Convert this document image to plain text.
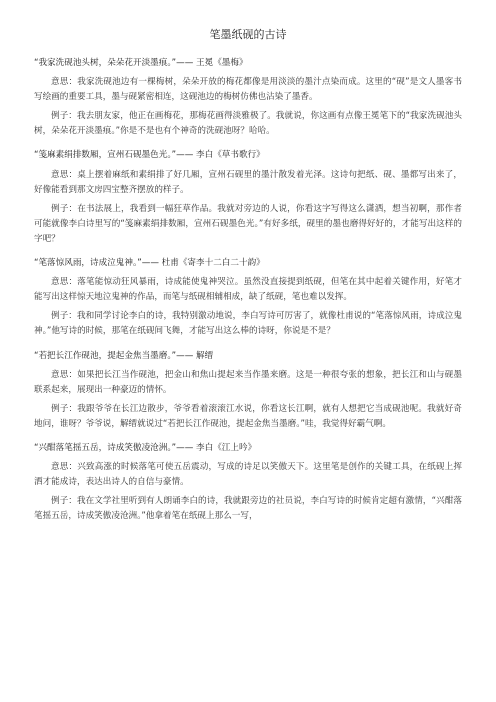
笔墨纸砚的古诗

“我家洗砚池头树，朵朵花开淡墨痕。”—— 王冕《墨梅》

意思：我家洗砚池边有一棵梅树，朵朵开放的梅花都像是用淡淡的墨汁点染而成。这里的“砚”是文人墨客书写绘画的重要工具，墨与砚紧密相连，这砚池边的梅树仿佛也沾染了墨香。

例子：我去朋友家，他正在画梅花，那梅花画得淡雅极了。我就说，你这画有点像王冕笔下的“我家洗砚池头树，朵朵花开淡墨痕。”你是不是也有个神奇的洗砚池呀？哈哈。

“笺麻素绢排数厢，宣州石砚墨色光。”—— 李白《草书歌行》

意思：桌上摆着麻纸和素绢排了好几厢，宣州石砚里的墨汁散发着光泽。这诗句把纸、砚、墨都写出来了，好像能看到那文房四宝整齐摆放的样子。

例子：在书法展上，我看到一幅狂草作品。我就对旁边的人说，你看这字写得这么潇洒，想当初啊，那作者可能就像李白诗里写的“笺麻素绢排数厢，宣州石砚墨色光。”有好多纸，砚里的墨也磨得好好的，才能写出这样的字吧？

“笔落惊风雨，诗成泣鬼神。”—— 杜甫《寄李十二白二十韵》

意思：落笔能惊动狂风暴雨，诗成能使鬼神哭泣。虽然没直接提到纸砚，但笔在其中起着关键作用，好笔才能写出这样惊天地泣鬼神的作品，而笔与纸砚相辅相成，缺了纸砚，笔也难以发挥。

例子：我和同学讨论李白的诗，我特别激动地说，李白写诗可厉害了，就像杜甫说的“笔落惊风雨，诗成泣鬼神。”他写诗的时候，那笔在纸砚间飞舞，才能写出这么棒的诗呀，你说是不是？

“若把长江作砚池，提起金焦当墨磨。”—— 解缙

意思：如果把长江当作砚池，把金山和焦山提起来当作墨来磨。这是一种很夸张的想象，把长江和山与砚墨联系起来，展现出一种豪迈的情怀。

例子：我跟爷爷在长江边散步，爷爷看着滚滚江水说，你看这长江啊，就有人想把它当成砚池呢。我就好奇地问，谁呀？爷爷说，解缙就说过“若把长江作砚池，提起金焦当墨磨。”哇，我觉得好霸气啊。

“兴酣落笔摇五岳，诗成笑傲凌沧洲。”—— 李白《江上吟》

意思：兴致高涨的时候落笔可使五岳震动，写成的诗足以笑傲天下。这里笔是创作的关键工具，在纸砚上挥洒才能成诗，表达出诗人的自信与豪情。

例子：我在文学社里听到有人朗诵李白的诗，我就跟旁边的社员说，李白写诗的时候肯定超有激情，“兴酣落笔摇五岳，诗成笑傲凌沧洲。”他拿着笔在纸砚上那么一写，
